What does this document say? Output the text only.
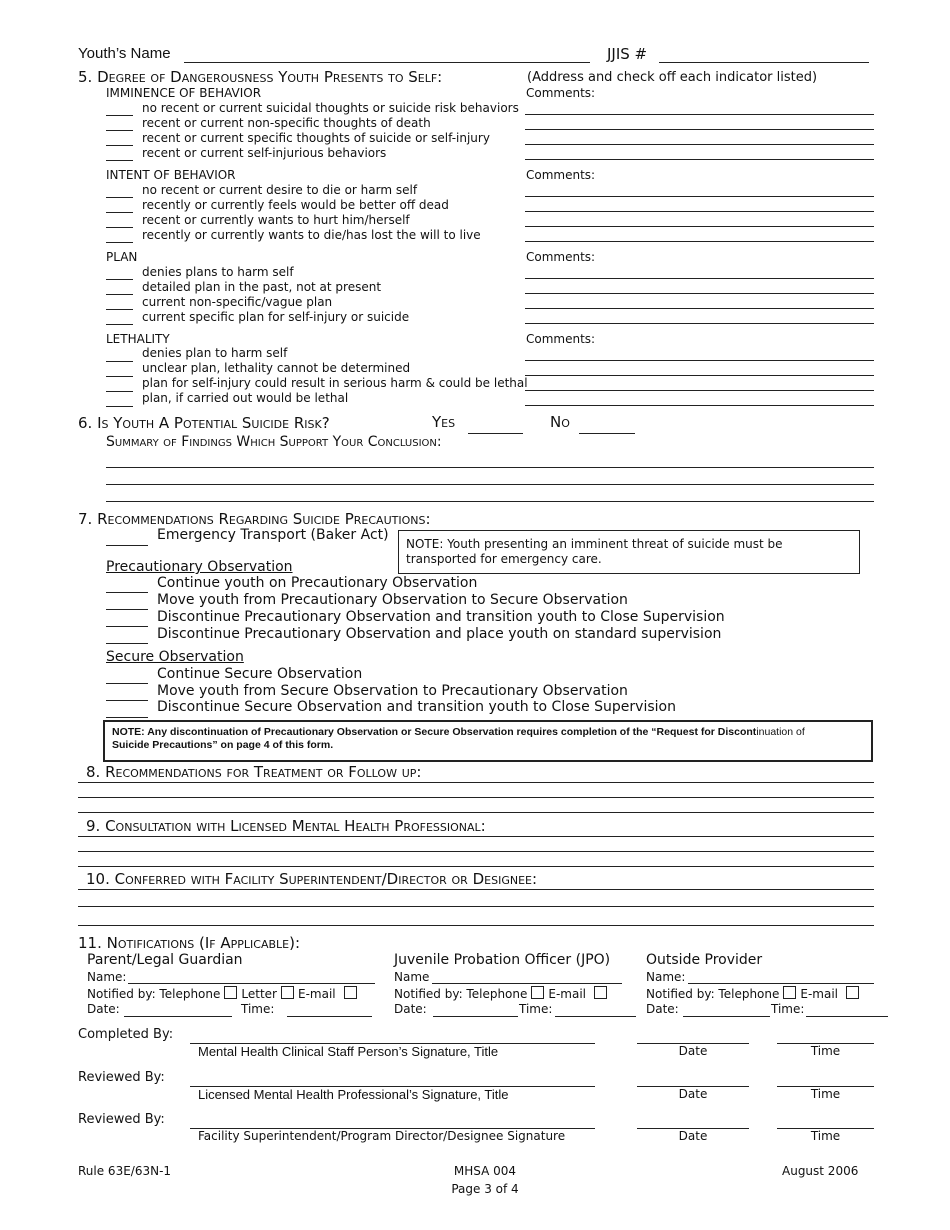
Youth’s Name	JJIS #
5. Degree of Dangerousness Youth Presents to Self:	(Address and check off each indicator listed)
IMMINENCE OF BEHAVIOR	Comments:
no recent or current suicidal thoughts or suicide risk behaviors
recent or current non-specific thoughts of death
recent or current specific thoughts of suicide or self-injury
recent or current self-injurious behaviors
INTENT OF BEHAVIOR	Comments:
no recent or current desire to die or harm self
recently or currently feels would be better off dead
recent or currently wants to hurt him/herself
recently or currently wants to die/has lost the will to live
PLAN	Comments:
denies plans to harm self
detailed plan in the past, not at present
current non-specific/vague plan
current specific plan for self-injury or suicide
LETHALITY	Comments:
denies plan to harm self
unclear plan, lethality cannot be determined
plan for self-injury could result in serious harm & could be lethal
plan, if carried out would be lethal
6. Is Youth A Potential Suicide Risk?	Yes	No
Summary of Findings Which Support Your Conclusion:
7. Recommendations Regarding Suicide Precautions:
Emergency Transport (Baker Act)
NOTE: Youth presenting an imminent threat of suicide must be transported for emergency care.
Precautionary Observation
Continue youth on Precautionary Observation
Move youth from Precautionary Observation to Secure Observation
Discontinue Precautionary Observation and transition youth to Close Supervision
Discontinue Precautionary Observation and place youth on standard supervision
Secure Observation
Continue Secure Observation
Move youth from Secure Observation to Precautionary Observation
Discontinue Secure Observation and transition youth to Close Supervision
NOTE: Any discontinuation of Precautionary Observation or Secure Observation requires completion of the “Request for Discontinuation of
Suicide Precautions” on page 4 of this form.
8. Recommendations for Treatment or Follow up:
9. Consultation with Licensed Mental Health Professional:
10. Conferred with Facility Superintendent/Director or Designee:
11. Notifications (If Applicable):
Parent/Legal Guardian
Name:
Notified by: Telephone Letter E-mail
Date:	Time:
Juvenile Probation Officer (JPO)
Name
Notified by: Telephone E-mail
Date:	Time:
Outside Provider
Name:
Notified by: Telephone E-mail
Date:	Time:
Completed By:
Mental Health Clinical Staff Person’s Signature, Title	Date	Time
Reviewed By:
Licensed Mental Health Professional’s Signature, Title	Date	Time
Reviewed By:
Facility Superintendent/Program Director/Designee Signature	Date	Time
Rule 63E/63N-1	MHSA 004
Page 3 of 4
August 2006
